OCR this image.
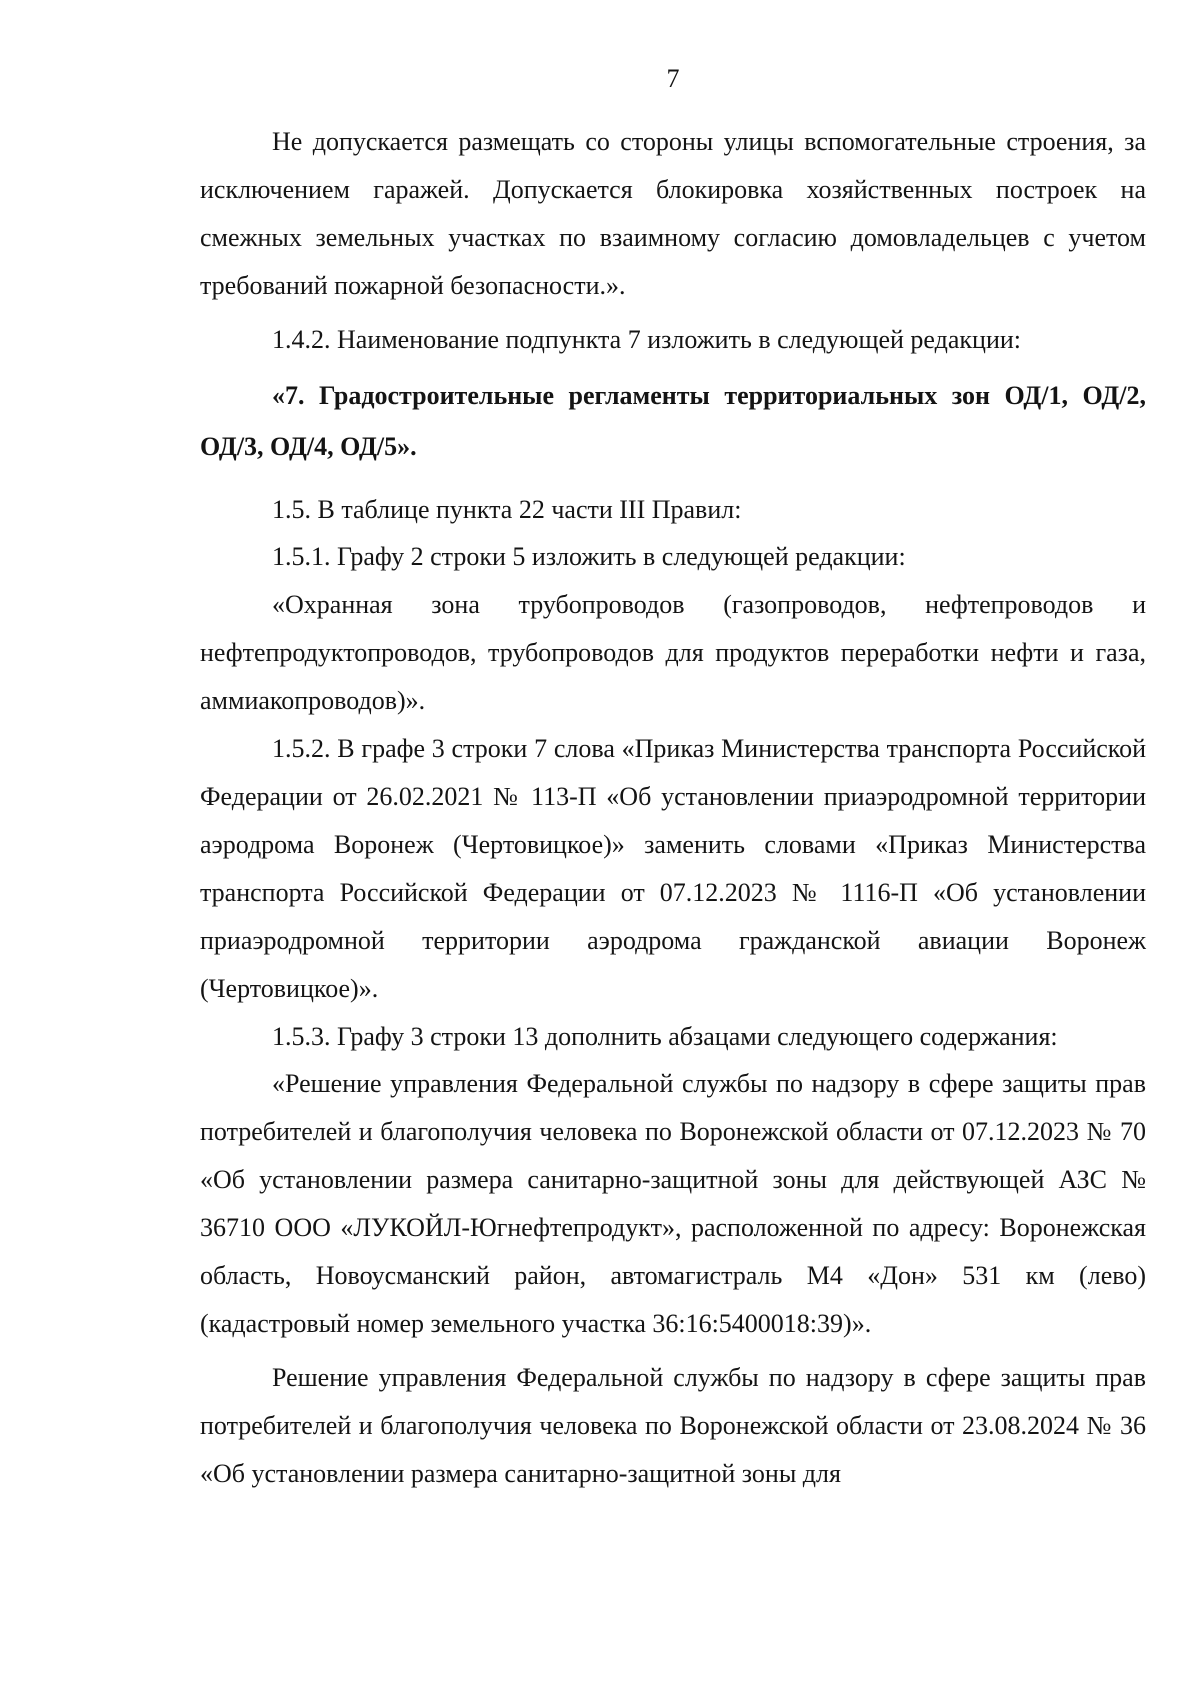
7

Не допускается размещать со стороны улицы вспомогательные строения, за исключением гаражей. Допускается блокировка хозяйственных построек на смежных земельных участках по взаимному согласию домовладельцев с учетом требований пожарной безопасности.».

1.4.2. Наименование подпункта 7 изложить в следующей редакции:

«7. Градостроительные регламенты территориальных зон ОД/1, ОД/2, ОД/3, ОД/4, ОД/5».

1.5. В таблице пункта 22 части III Правил:

1.5.1. Графу 2 строки 5 изложить в следующей редакции:

«Охранная зона трубопроводов (газопроводов, нефтепроводов и нефтепродуктопроводов, трубопроводов для продуктов переработки нефти и газа, аммиакопроводов)».

1.5.2. В графе 3 строки 7 слова «Приказ Министерства транспорта Российской Федерации от 26.02.2021 № 113-П «Об установлении приаэродромной территории аэродрома Воронеж (Чертовицкое)» заменить словами «Приказ Министерства транспорта Российской Федерации от 07.12.2023 № 1116-П «Об установлении приаэродромной территории аэродрома гражданской авиации Воронеж (Чертовицкое)».

1.5.3. Графу 3 строки 13 дополнить абзацами следующего содержания:

«Решение управления Федеральной службы по надзору в сфере защиты прав потребителей и благополучия человека по Воронежской области от 07.12.2023 № 70 «Об установлении размера санитарно-защитной зоны для действующей АЗС № 36710 ООО «ЛУКОЙЛ-Югнефтепродукт», расположенной по адресу: Воронежская область, Новоусманский район, автомагистраль М4 «Дон» 531 км (лево) (кадастровый номер земельного участка 36:16:5400018:39)».

Решение управления Федеральной службы по надзору в сфере защиты прав потребителей и благополучия человека по Воронежской области от 23.08.2024 № 36 «Об установлении размера санитарно-защитной зоны для
